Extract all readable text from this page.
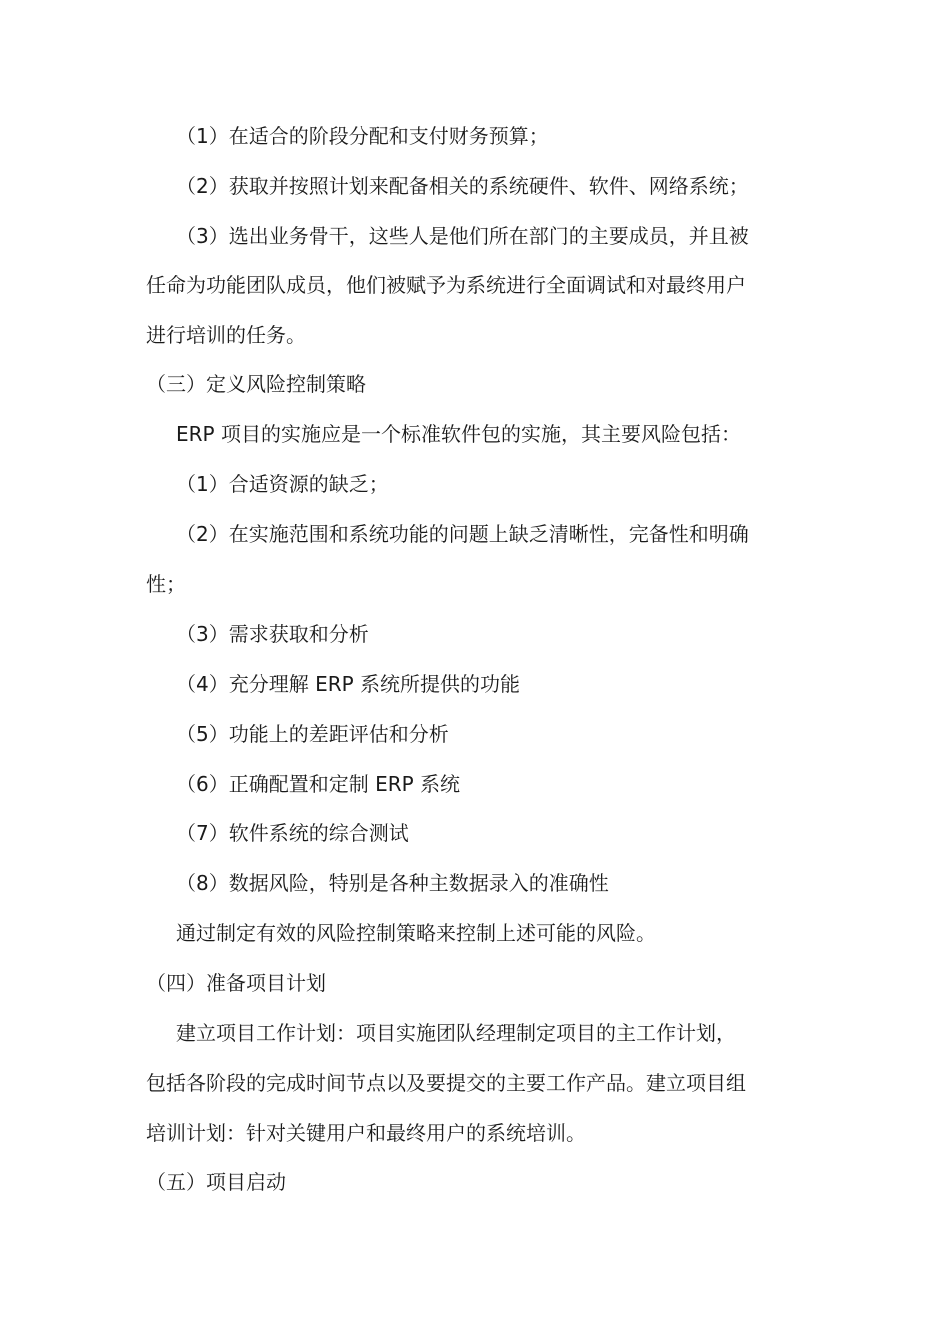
（1）在适合的阶段分配和支付财务预算；
（2）获取并按照计划来配备相关的系统硬件、软件、网络系统；
（3）选出业务骨干，这些人是他们所在部门的主要成员，并且被
任命为功能团队成员，他们被赋予为系统进行全面调试和对最终用户
进行培训的任务。
（三）定义风险控制策略
ERP 项目的实施应是一个标准软件包的实施，其主要风险包括：
（1）合适资源的缺乏；
（2）在实施范围和系统功能的问题上缺乏清晰性，完备性和明确
性；
（3）需求获取和分析
（4）充分理解 ERP 系统所提供的功能
（5）功能上的差距评估和分析
（6）正确配置和定制 ERP 系统
（7）软件系统的综合测试
（8）数据风险，特别是各种主数据录入的准确性
通过制定有效的风险控制策略来控制上述可能的风险。
（四）准备项目计划
建立项目工作计划：项目实施团队经理制定项目的主工作计划，
包括各阶段的完成时间节点以及要提交的主要工作产品。建立项目组
培训计划：针对关键用户和最终用户的系统培训。
（五）项目启动
